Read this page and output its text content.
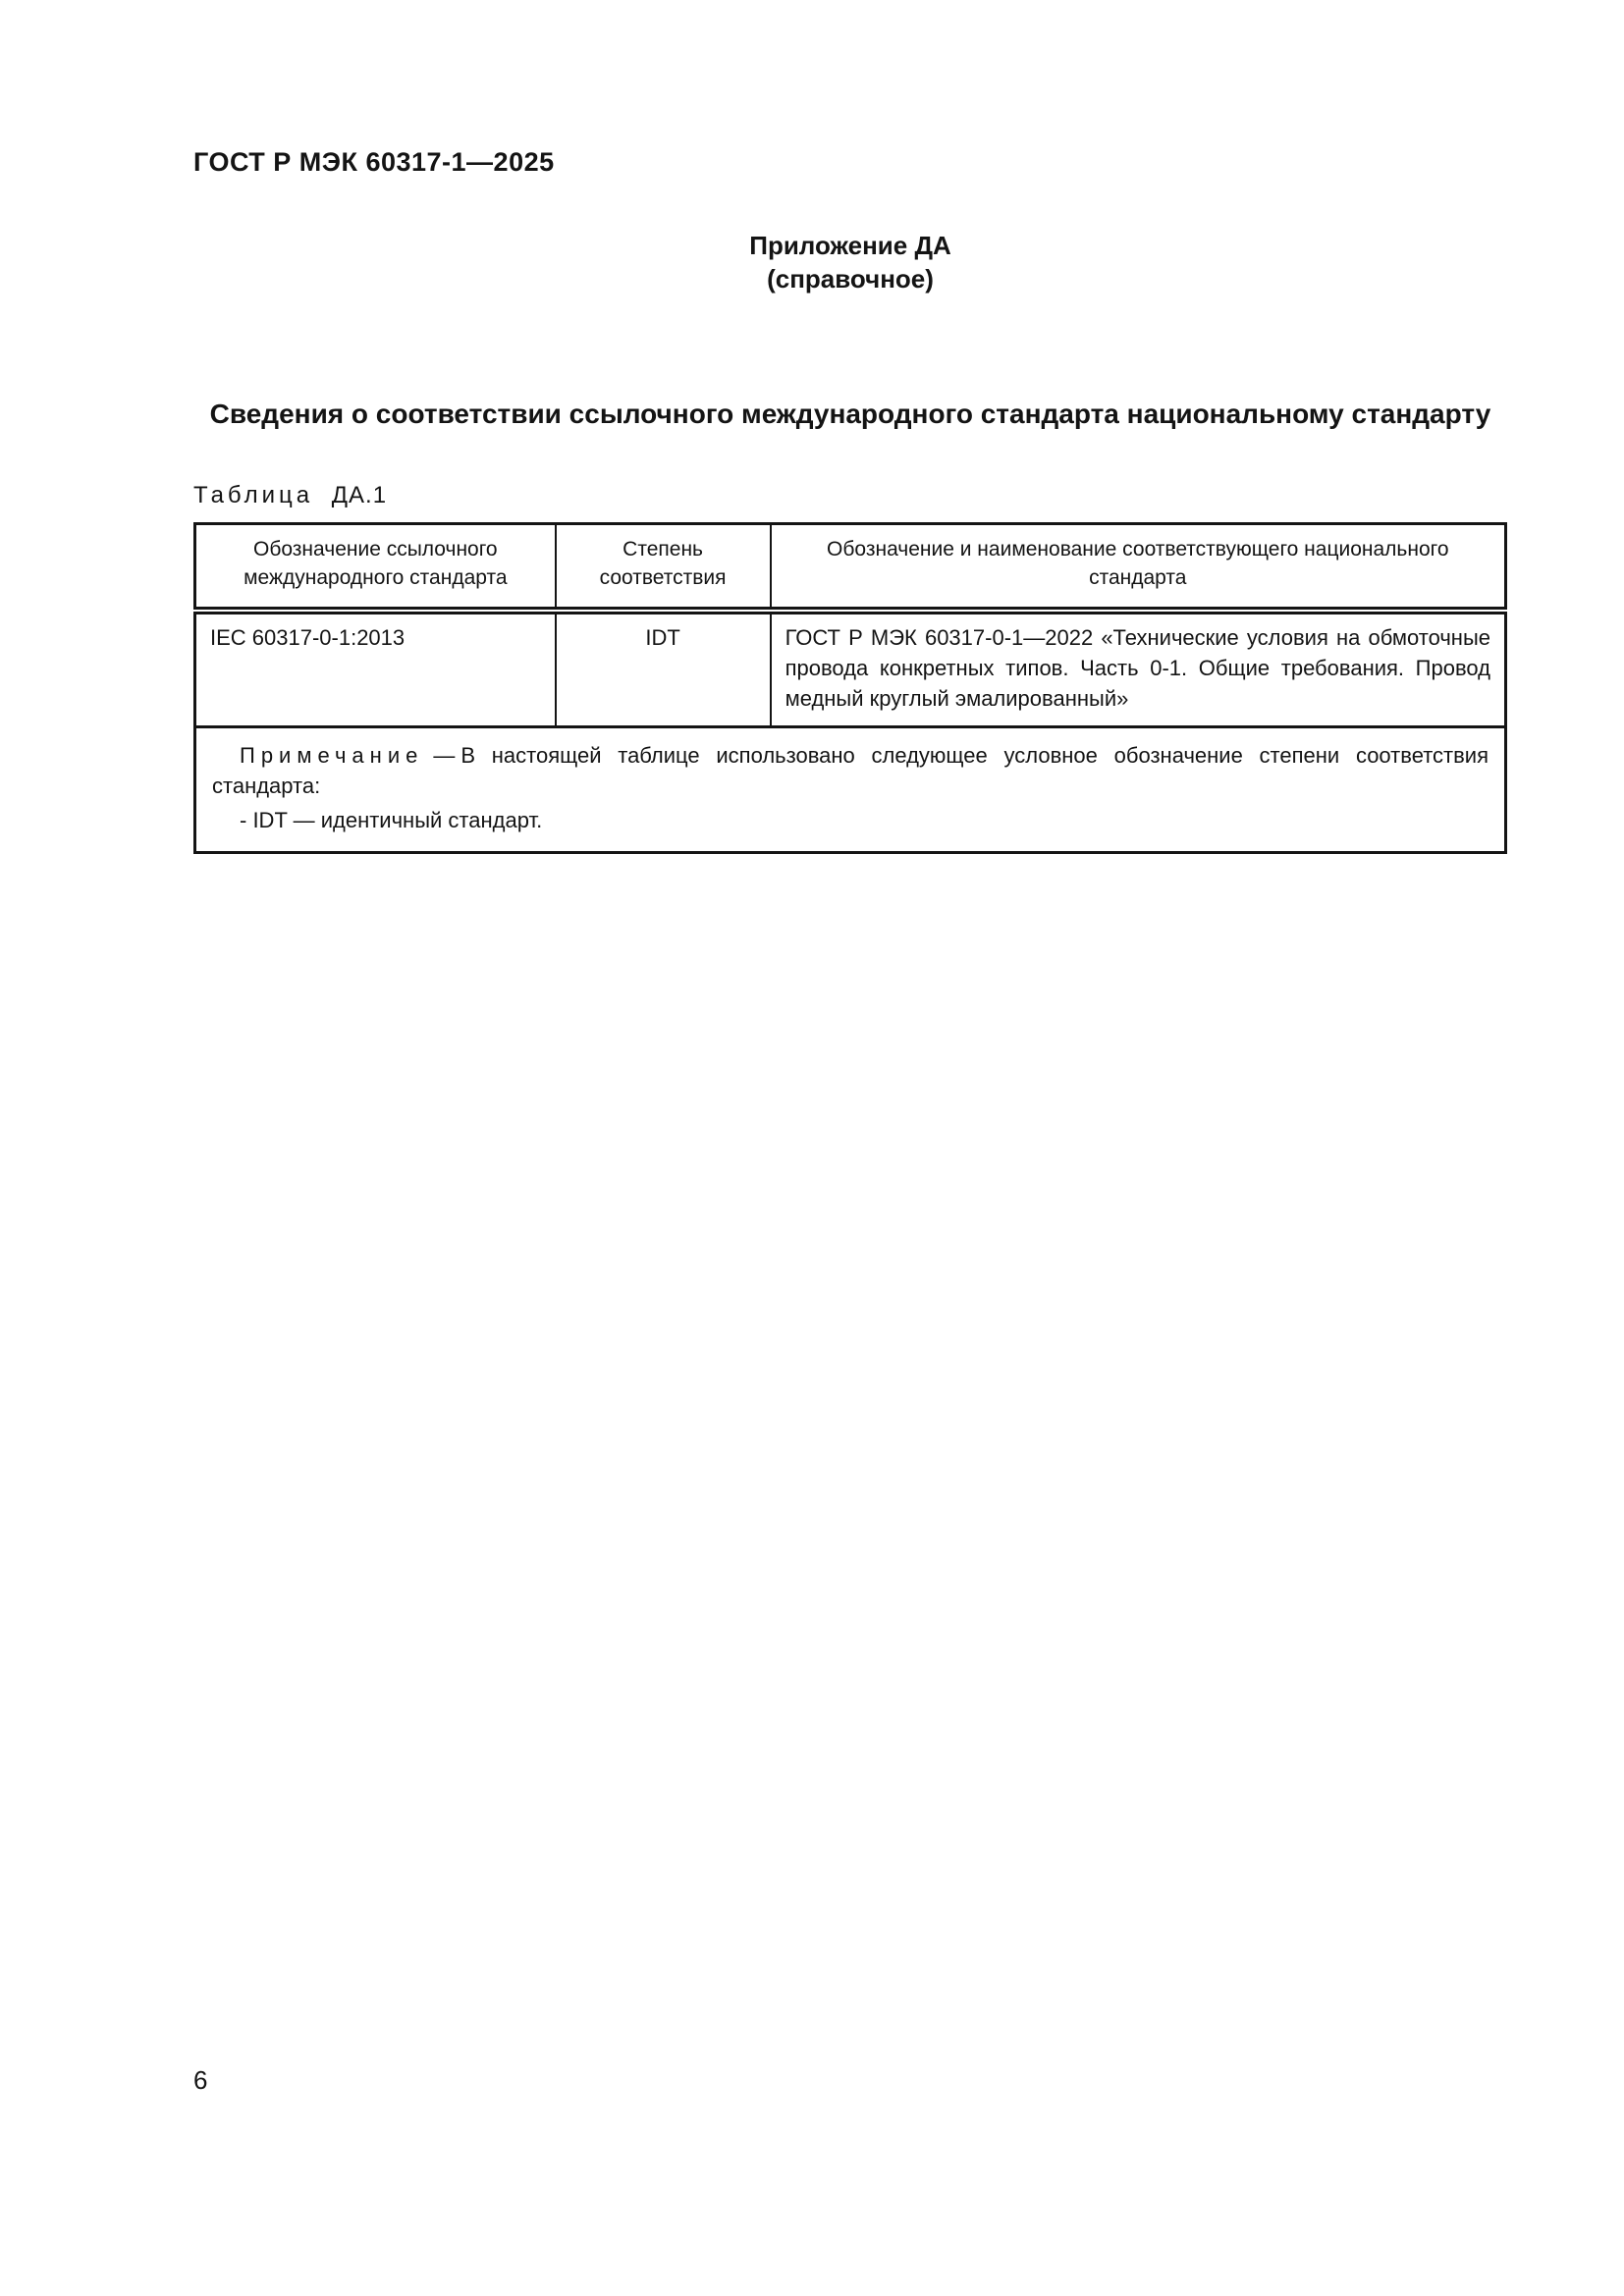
ГОСТ Р МЭК 60317-1—2025
Приложение ДА
(справочное)
Сведения о соответствии ссылочного международного стандарта национальному стандарту
Таблица ДА.1
Обозначение ссылочного международного стандарта	Степень соответствия	Обозначение и наименование соответствующего национального стандарта
IEC 60317-0-1:2013	IDT	ГОСТ Р МЭК 60317-0-1—2022 «Технические условия на обмоточные провода конкретных типов. Часть 0-1. Общие требования. Провод медный круглый эмалированный»

Примечание — В настоящей таблице использовано следующее условное обозначение степени соответствия стандарта:
- IDT — идентичный стандарт.		
6
